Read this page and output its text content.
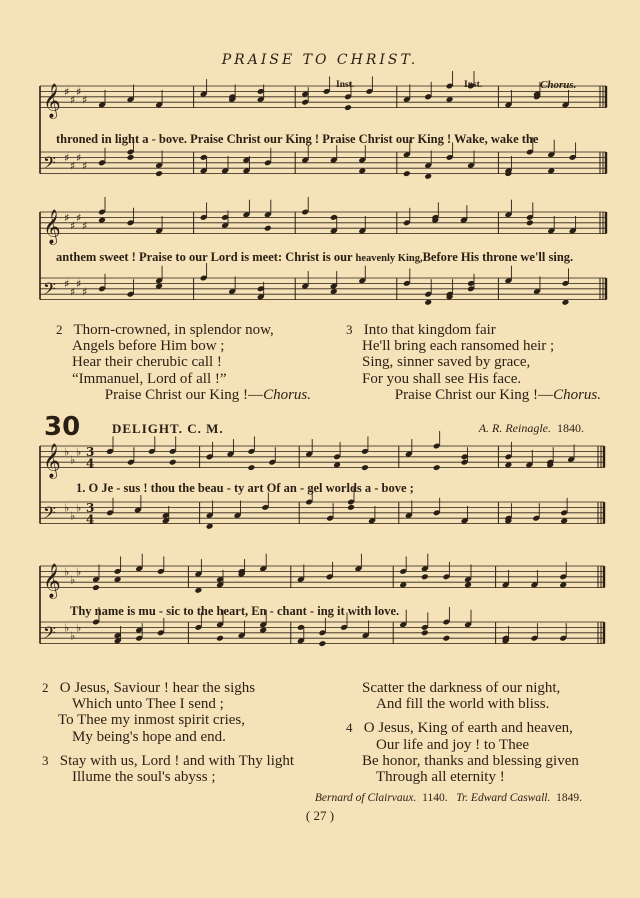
PRAISE TO CHRIST.
𝄞 ♯
♯
♯
♯
𝄢 ♯
♯
♯
♯
Inst.	Inst.	Chorus.
throned in light a - bove. Praise Christ our King ! Praise Christ our King ! Wake, wake the
𝄞 ♯
♯
♯
♯
𝄢 ♯
♯
♯
♯
anthem sweet ! Praise to our Lord is meet: Christ is our heavenly King,Before His throne we'll sing.
2 Thorn-crowned, in splendor now,
Angels before Him bow ;
Hear their cherubic call !
“Immanuel, Lord of all !”
Praise Christ our King !—Chorus.
3 Into that kingdom fair
He'll bring each ransomed heir ;
Sing, sinner saved by grace,
For you shall see His face.
Praise Christ our King !—Chorus.
30 DELIGHT. C. M.	A. R. Reinagle. 1840.
𝄞 ♭
♭
♭ 3
4
𝄢 ♭
♭
♭ 3
4
1. O Je - sus ! thou the beau - ty art Of an - gel worlds a - bove ;
𝄞 ♭
♭
♭
𝄢 ♭
♭
♭
Thy name is mu - sic to the heart, En - chant - ing it with love.
2 O Jesus, Saviour ! hear the sighs
Which unto Thee I send ;
To Thee my inmost spirit cries,
My being's hope and end.
3 Stay with us, Lord ! and with Thy light
Illume the soul's abyss ;
Scatter the darkness of our night,
And fill the world with bliss.
4 O Jesus, King of earth and heaven,
Our life and joy ! to Thee
Be honor, thanks and blessing given
Through all eternity !
Bernard of Clairvaux. 1140. Tr. Edward Caswall. 1849.
( 27 )
